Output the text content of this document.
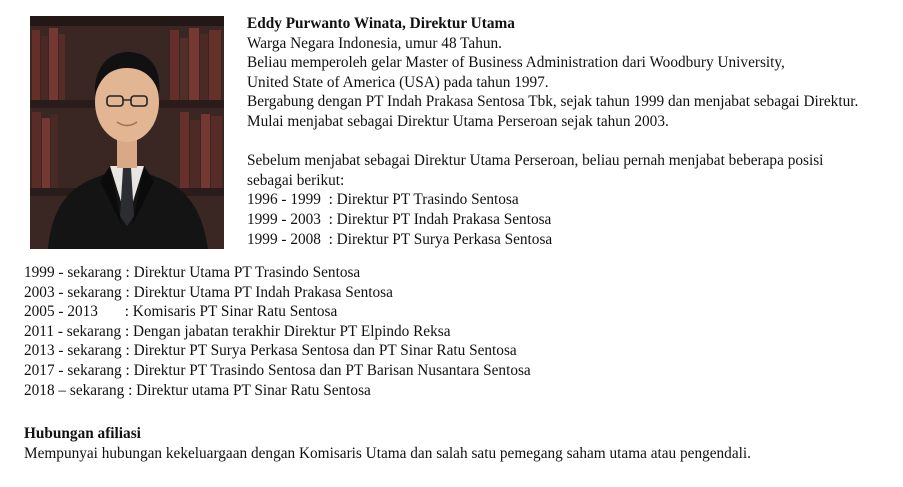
Eddy Purwanto Winata, Direktur Utama
Warga Negara Indonesia, umur 48 Tahun.
Beliau memperoleh gelar Master of Business Administration dari Woodbury University,
United State of America (USA) pada tahun 1997.
Bergabung dengan PT Indah Prakasa Sentosa Tbk, sejak tahun 1999 dan menjabat sebagai Direktur.
Mulai menjabat sebagai Direktur Utama Perseroan sejak tahun 2003.
Sebelum menjabat sebagai Direktur Utama Perseroan, beliau pernah menjabat beberapa posisi
sebagai berikut:
1996 - 1999  : Direktur PT Trasindo Sentosa
1999 - 2003  : Direktur PT Indah Prakasa Sentosa
1999 - 2008  : Direktur PT Surya Perkasa Sentosa
1999 - sekarang : Direktur Utama PT Trasindo Sentosa
2003 - sekarang : Direktur Utama PT Indah Prakasa Sentosa
2005 - 2013       : Komisaris PT Sinar Ratu Sentosa
2011 - sekarang : Dengan jabatan terakhir Direktur PT Elpindo Reksa
2013 - sekarang : Direktur PT Surya Perkasa Sentosa dan PT Sinar Ratu Sentosa
2017 - sekarang : Direktur PT Trasindo Sentosa dan PT Barisan Nusantara Sentosa
2018 – sekarang : Direktur utama PT Sinar Ratu Sentosa
Hubungan afiliasi
Mempunyai hubungan kekeluargaan dengan Komisaris Utama dan salah satu pemegang saham utama atau pengendali.
